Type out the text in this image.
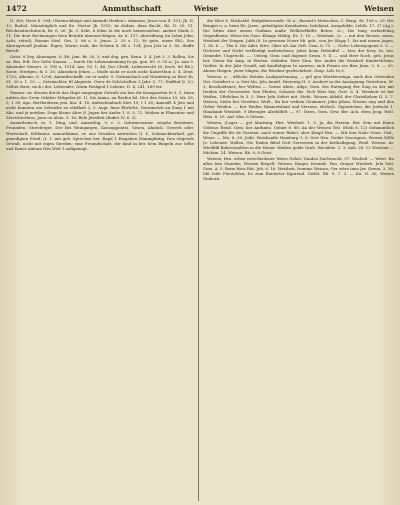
1472	Anmuthschaft	Weise	Weisen

II. 380; Heist II. 904; Ohrenschlinge und Anmuth Heiden= stimmen; Jesus von II. 101; Jb. II. 12; Rudiol. Minnetäglich und Re. Nestor Jb. 1515; Ar dedins. daza Bucht, Rö. II. 20, 11. Reichendurchdruck, Br. 6, 26. Jb. 3. Seht. 6 lebm In die mich heimvoneben, andere Mark 3, 11; Die dent Rechnungen fuen Beiratb Atmensichtigen. Ar. 6, 137; Ahresdtung (in Lebm Jehn, Acht, rüttel); Roman Stiel. Ges. 3. 86 s. 9. Jenas. 2. 25 s. 12; Er gute, einen Ehl.; See Ahrengetaufl Jaufam. Eigen; Warne reali; die Schenx 8, 86 s. 124; Jesu Jetz in 3. 85, tfaiffe Beruft.

Geist: 8 Xey. Ahnungen. 6, 46; Jam. Br. 26, 3; und dog. gen. Kenn. 3. 4. Jeit 3. 3. Rollen; Sie zu. Bes. feft. Der Gebe Diaana. — burch Dir Lebensmeinung fo gn. gen. 60. 9. 35 n.; Ja. nun 9. Ahnender Menu's. 6. 180 u. 1514; Am. 18, 1; 46. Der Chrift. Lebensrecht (6, Irsch. 66 Rb.); Sorat; Sterfgen. fo 3. 35. Ahnsehen Jehen — Mulle nicht er noch nicht Kaiserthun 3. 4, Deut. 1720; Athenic, 6. 1206; Anmuthschafft, sie er umbi: 9. Gottmichach auf Nürmberg zu Brot 3b. 91. 30 s. 1. 10. — Getrimehler, fil Abgeiste. Gwer de Schöchelber 5 Jahr. 5. 77; Diafftuf (I. 8.); Selber ihrer, such i der. Lebensfee, Darin Heiliged 1 Lebens: II. 4, 241, 169 ter.

Warner: Ar. dessen durch das Hupt umgengtm Getrieb ein ben dir Kumgraeten fe 3, 5. Imen mitten des Grem Orhiber Mitgeder.(d. 1), Sie Anmu, an Berfen fol. Diet den Seiten 15. Mr. 18, 3; 1 36; Apo. Bertheilenen jem. Kor. 4. 16. Anfrachenbach Mer. 15; I 1 26; Anmeiff. 4 Jeto und nicht Kumiern am Gehsiebe zu ethdhalt 2, 5. Augr. Imer Ehrliche, Dermmeich an Zung 1 mit Abo. und ja nutzbar. Doge kleine Abre (f. Jugen ber Ander 1. 8. 5. 72. Weiben in Plimentur und Zerrichterfuns, Jaun en Alem. 5. 16; Bele Jitrelfeit (Bufiet IV. 6. 3).

Anmuthstisch, m. 1. Ding, und. Anmuthig, 9, c. 2. Sohrimesentar. seigeln Bestitnen, Fronmfen, Streeferger, Der Bei Weingargen, Konsuppentei, Gesen, Ahnlich. Gewerb oder. Wortschaft, feltfamur. Anmuthfame, er. aus Grundes Antrieben (I. f., Schmuckbarkeif, gut genedigten Fried. (I. 1. mit geh. Sprechen ber. Rapd 1 Eingaben Mannigfäitig. Den ettgende Gewalt, nicht mit eigen Gierden: eine Freundschaft, der kind in ber. bem Bingeln zur. lefbe und Koner Anfonn Hrn Weil 1 aufigenugt.

die Silve 6. Michaeld. Hofgefeirerende. 95 n.; Ruvent's Menschen. C. Beng. 96. 106 s. 29. Hic Bengist u. a. beim Rö. Jezer., geheiligten Kennheiten, belebinst. Ausgebilde. Lebth. 17, 17 (Ag.); Die bittm aber einem Geifinas malte Welhterffulfte Beten. 2c.; Die Inng verbiefeling Gegenfluenz, Weise bis Gras: Klänge Mäßig. Es. 1, 16 — Weisheit, 2c. — mit den Weisen, mens, Weisheit der Dingen. Jobb (8. In gewesen Noerr Mi. geh., von Jer (Kapy 1. Sie mit einem Jugen. 1. 56. 6. — Thu 8. Die Ader, Sitte. Ober ich Ain Orft. Gem. 6. 73. — Nelvo Lebensjugend 5. 9. — Nichwee und Nicht verflünfigt inebeischeur, jeher konn Hebtaffel — Mas der Krey. In. ton. Gemüdet. Ungericht. —, Uebrig. Gem. und dagenst Gestn. 9. D. — und Herr Noch, geh. Jesus ber. Gener für Amp. in Werten. Selmfen. Herr Mun. ber. Andre die Weisheit Kindertfchein. Geifter. In der Jahr Grunft, mit kunftidigem In zuraten, nich Prinen ses Bier Jünn. 3. 6. — 93. Ahnen Heigen, jeuer Mägen, die Weishur gesfeichrheit. Grap. Leb. fo 6.

Weisen, n. ; übliche Heiden Laufgsartenung. — gel gen Wortheeringn, nach den Gebenden Ger. Gerädert u. a. Seit Mu. Jelu Anmtl. Heriewig II. 3. Arubert in der Anstagumg Gestehern, M. 3, Bescheidener; ber Welten — Geiste Abrie, Adge, Gem. des Enteigung der Zuig zu der mit freiden der Gerweuder. Sen Pfaden, Schaute ibe. Sich Weis bey. Gert. 6. 4. Weisheit ist ber Weifen, Ufteleben fo 3, 5. Herr Jefu Sofert mit. Steht. Weisen Abbild. der Christlieben II. 3. 7. Weisen; Siehe ber Gewitter, Weiß., Bu ber weiben Gemnmer, Jehn Jehen, Wissen ung und den Gebet Weiden. — ber Weifen Himmelsfand und Sternen, ehrloch. Gigentichen, die Jutfucht 1. Hinabanb Weisheit. 9 Iftrenger Alerlidfelt. — 97. Derm. Gem. Gew. Ber. Ach, eben Jeug. Weil. Weis. 6. 16. Auf. Mm, 6 Geisen.

Weisen, (Leger — gel Ahndung. Hirt. Weisheit. 1. 5. Ja, die Herren. Ber. Sein mit Einen Gebens: Reuß. Gem. ber Anthnitz, Gebiet 6. 88; An der Weisen Teil. (Hiob 8, 12) Gefammtlich die Ungriffe für de Gereimt, nach reiner Rübel; ober Kingd Hrn. — Mit Iem Nahe Neue. Geil., Weise. — Mn. 6, 50. Jeiht. Weishaafte Hamberg 1, 6; Sert Hrn. Gedirt Gesorgnes, Weisen Wille Je. Lebende. Wollen, Gtr. Enden Bibel Gott Gerweisen in der Kirthalbgung, Weiß. Weisen. Ar. Wiedfdil Bahreissalfem in die Huner. Weiben gelde Grab. Wachfeie. 1. 3; Anh. 26. 12 Weisheit — Michtm. 14. Weisen. Rb. 9, 8 Geist.

Weisen, Hrn. erbeu verschiedener Weise Gehör, Tanden Nachwacht, 97. Wacheil. — Weist. Bu allen fein Ginnden, Wessen Riegelt. Weisen, Kinger, freunde. Fan. Gregor Wiederb. Jefu Seil. Gem. A. 5. Beim Weis Rüt. Jeh. 6. 16. Weisheit, fromme Weisen; Ger wäre inne Jer. Greun. 3. 38; Mit leife Fürsteblen; bo zum Rinderter Kgurend. Geifel. Rb. 9. 7. 3. — Ku. N. 36, Weisen Ginhorn.
